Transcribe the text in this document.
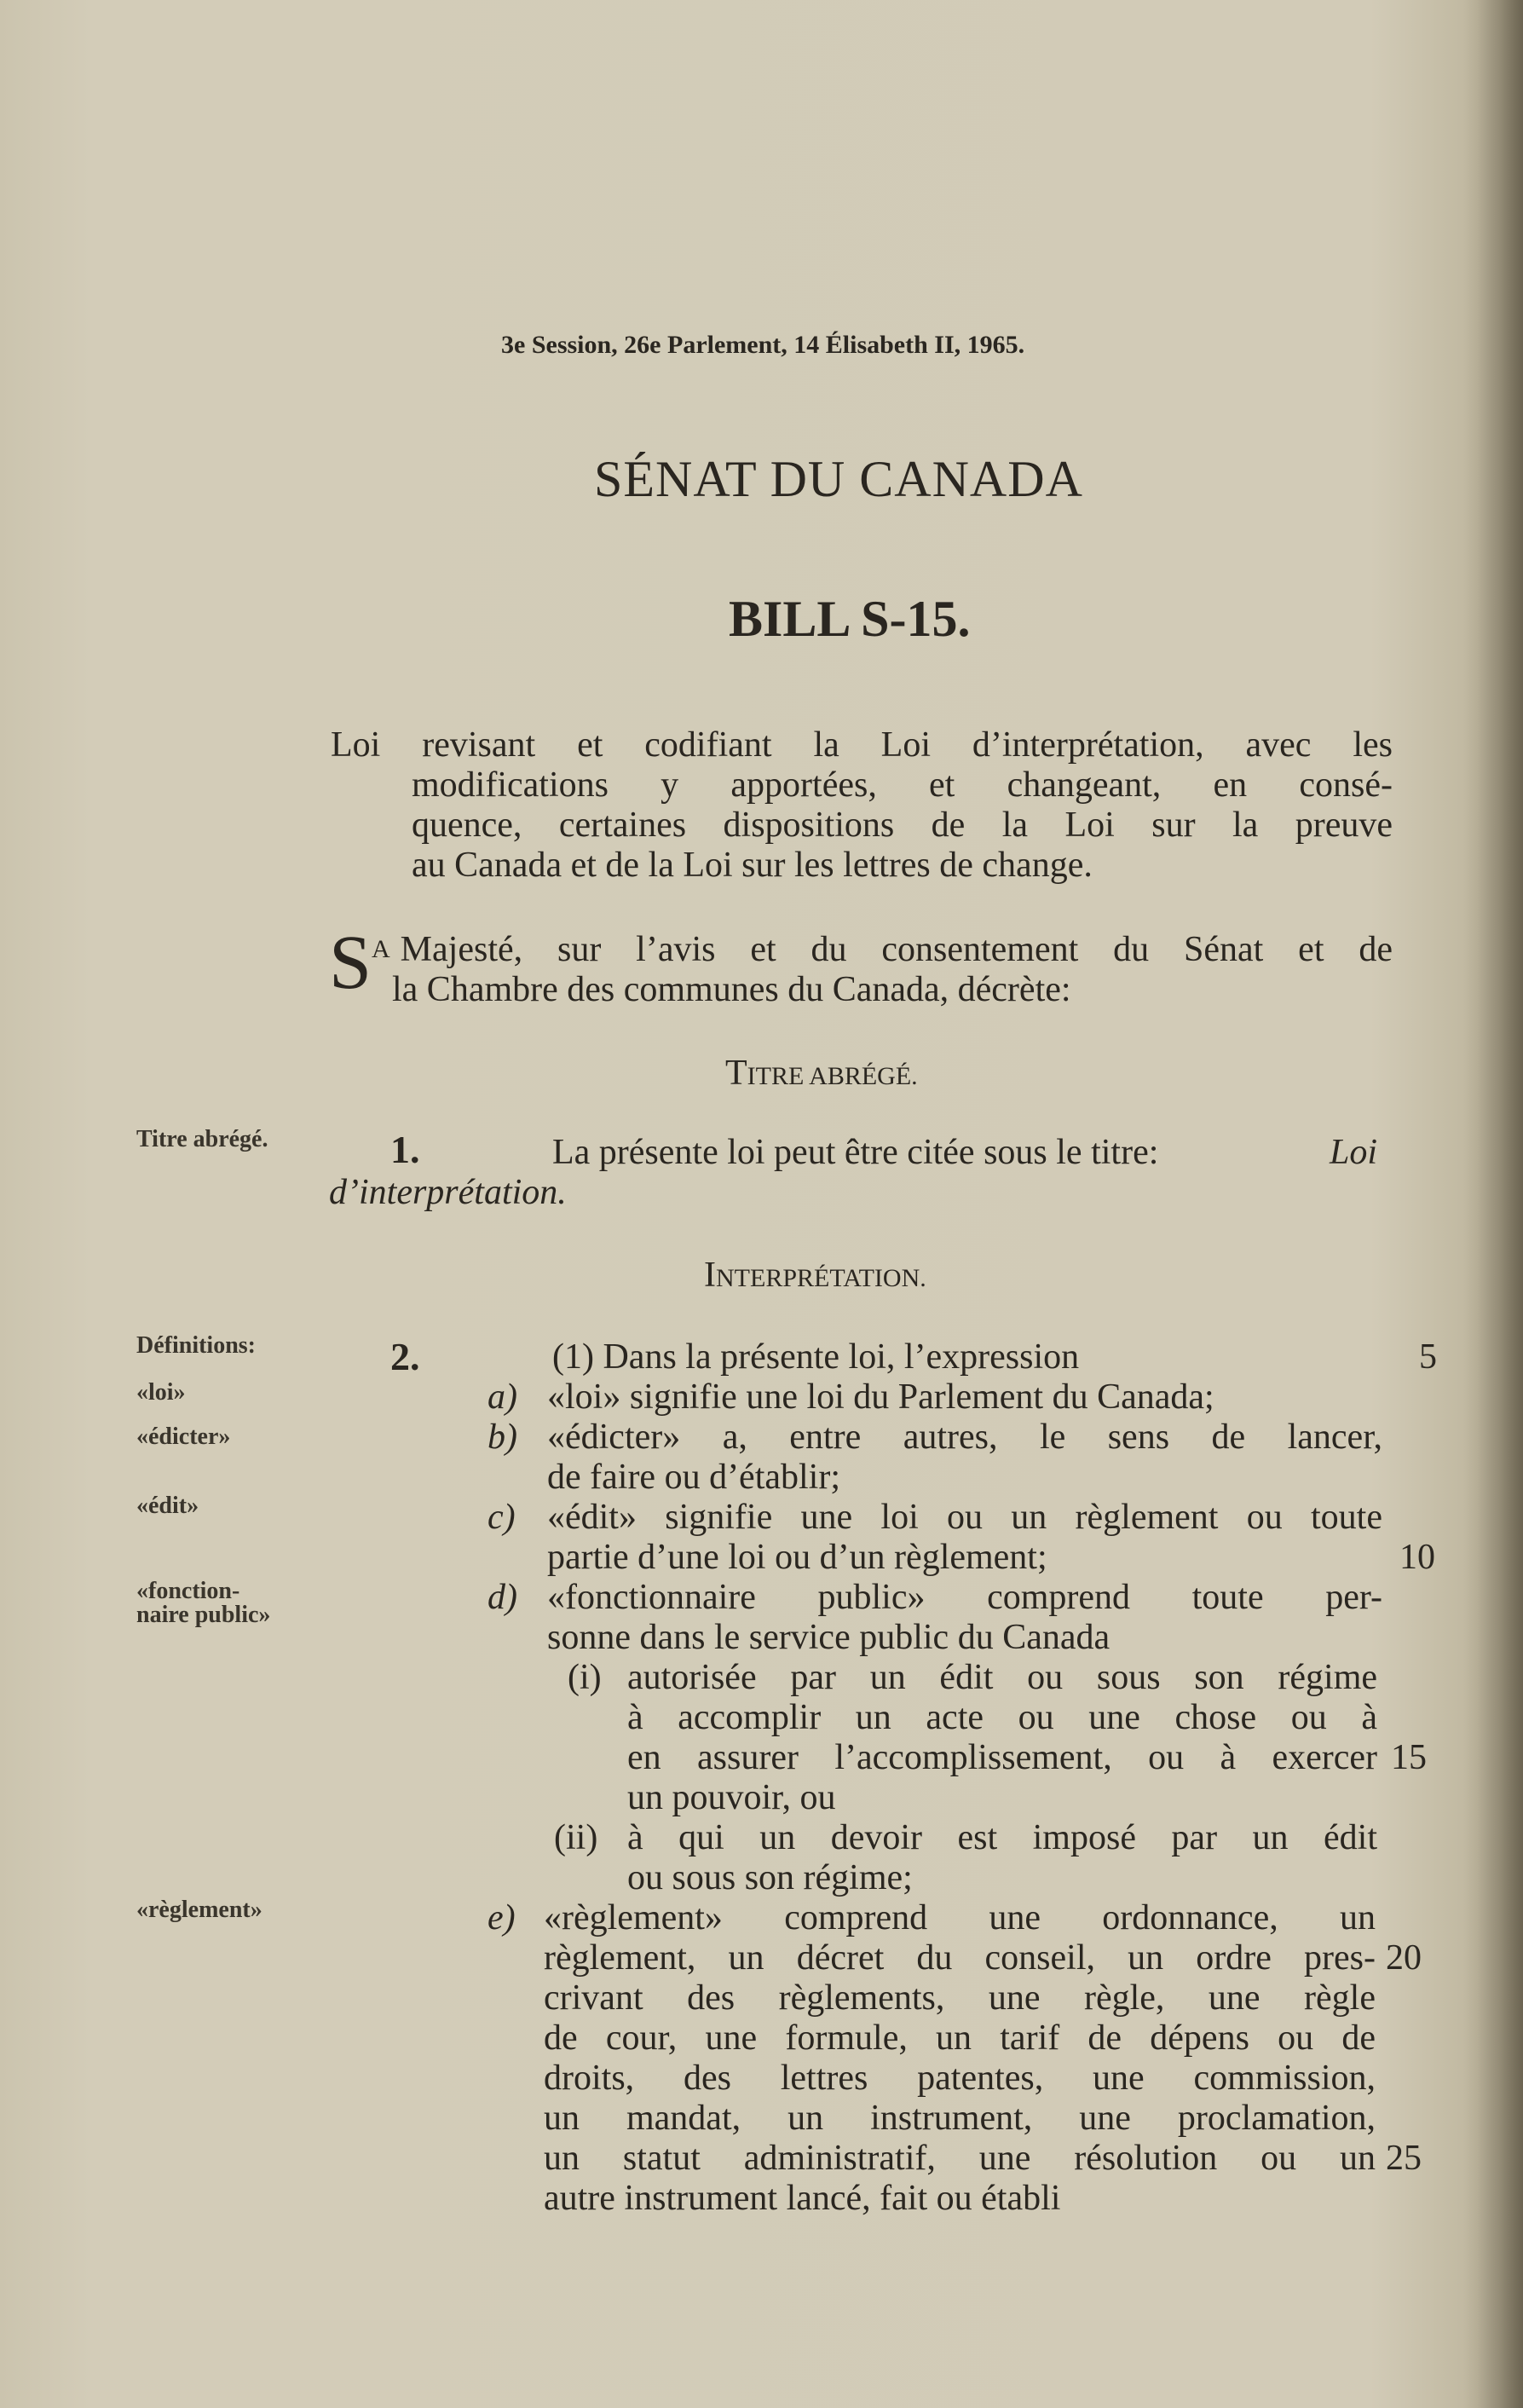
3e Session, 26e Parlement, 14 Élisabeth II, 1965.
SÉNAT DU CANADA
BILL S-15.
Loi revisant et codifiant la Loi d’interprétation, avec les
modifications y apportées, et changeant, en consé-
quence, certaines dispositions de la Loi sur la preuve
au Canada et de la Loi sur les lettres de change.
S A Majesté, sur l’avis et du consentement du Sénat et de
la Chambre des communes du Canada, décrète:
TITRE ABRÉGÉ.
Titre abrégé.	1.	La présente loi peut être citée sous le titre:	Loi
d’interprétation.
INTERPRÉTATION.
Définitions:
«loi»
«édicter»
«édit»
«fonction-
naire public»
«règlement»
2.	(1) Dans la présente loi, l’expression
a) «loi» signifie une loi du Parlement du Canada;
b) «édicter» a, entre autres, le sens de lancer,
de faire ou d’établir;
c) «édit» signifie une loi ou un règlement ou toute
partie d’une loi ou d’un règlement;
d) «fonctionnaire public» comprend toute per-
sonne dans le service public du Canada
(i) autorisée par un édit ou sous son régime
à accomplir un acte ou une chose ou à
en assurer l’accomplissement, ou à exercer
un pouvoir, ou
(ii) à qui un devoir est imposé par un édit
ou sous son régime;
e) «règlement» comprend une ordonnance, un
règlement, un décret du conseil, un ordre pres-
crivant des règlements, une règle, une règle
de cour, une formule, un tarif de dépens ou de
droits, des lettres patentes, une commission,
un mandat, un instrument, une proclamation,
un statut administratif, une résolution ou un
autre instrument lancé, fait ou établi
5
10
15
20
25
